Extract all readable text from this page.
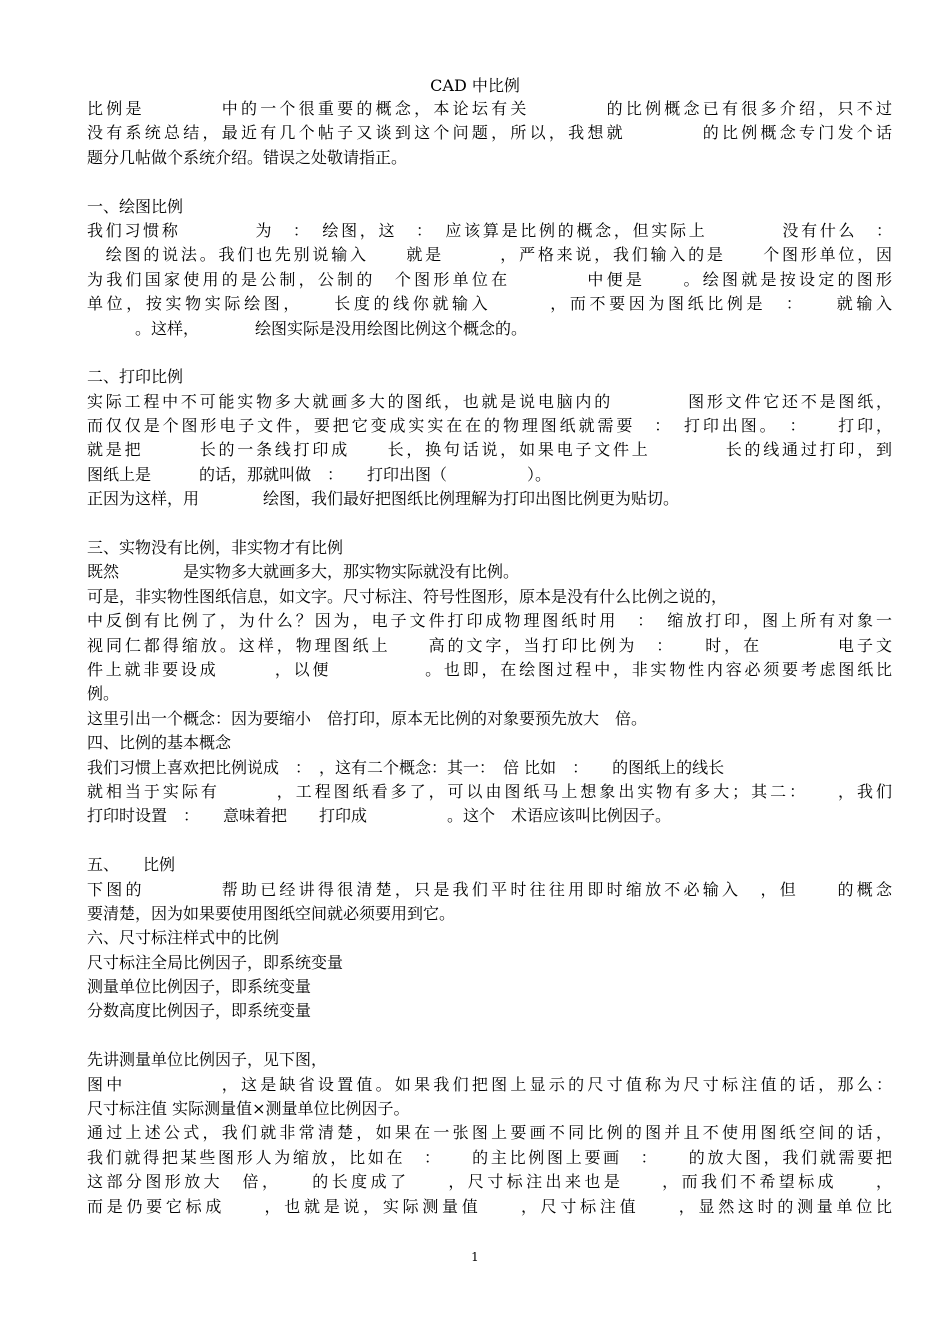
CAD 中比例
比例是　　　　中的一个很重要的概念，本论坛有关　　　　的比例概念已有很多介绍，只不过
没有系统总结，最近有几个帖子又谈到这个问题，所以，我想就　　　　的比例概念专门发个话
题分几帖做个系统介绍。错误之处敬请指正。
一、绘图比例
我们习惯称　　　　为　：　绘图，这　：　应该算是比例的概念，但实际上　　　　没有什么　：
　绘图的说法。我们也先别说输入　　就是　　　，严格来说，我们输入的是　　个图形单位，因
为我们国家使用的是公制，公制的　个图形单位在　　　　中便是　　。绘图就是按设定的图形
单位，按实物实际绘图，　　长度的线你就输入　　　，而不要因为图纸比例是　：　　就输入
　　　。这样，　　　　绘图实际是没用绘图比例这个概念的。
二、打印比例
实际工程中不可能实物多大就画多大的图纸，也就是说电脑内的　　　　图形文件它还不是图纸，
而仅仅是个图形电子文件，要把它变成实实在在的物理图纸就需要　：　打印出图。　：　　打印，
就是把　　　长的一条线打印成　　长，换句话说，如果电子文件上　　　　长的线通过打印，到
图纸上是　　　的话，那就叫做　：　　打印出图（　　　　　）。
正因为这样，用　　　　绘图，我们最好把图纸比例理解为打印出图比例更为贴切。
三、实物没有比例，非实物才有比例
既然　　　　是实物多大就画多大，那实物实际就没有比例。
可是，非实物性图纸信息，如文字。尺寸标注、符号性图形，原本是没有什么比例之说的，
中反倒有比例了，为什么？因为，电子文件打印成物理图纸时用　：　缩放打印，图上所有对象一
视同仁都得缩放。这样，物理图纸上　　高的文字，当打印比例为　：　　时，在　　　　电子文
件上就非要设成　　　，以便　　　　　。也即，在绘图过程中，非实物性内容必须要考虑图纸比
例。
这里引出一个概念：因为要缩小　倍打印，原本无比例的对象要预先放大　倍。
四、比例的基本概念
我们习惯上喜欢把比例说成　：　，这有二个概念：其一：　倍 比如　：　　的图纸上的线长
就相当于实际有　　　，工程图纸看多了，可以由图纸马上想象出实物有多大；其二：　　，我们
打印时设置　：　　意味着把　　打印成　　　　　。这个　术语应该叫比例因子。
五、　　比例
下图的　　　　帮助已经讲得很清楚，只是我们平时往往用即时缩放不必输入　，但　　的概念
要清楚，因为如果要使用图纸空间就必须要用到它。
六、尺寸标注样式中的比例
尺寸标注全局比例因子，即系统变量
测量单位比例因子，即系统变量
分数高度比例因子，即系统变量
先讲测量单位比例因子，见下图，
图中　　　　　，这是缺省设置值。如果我们把图上显示的尺寸值称为尺寸标注值的话，那么：
尺寸标注值 实际测量值×测量单位比例因子。
通过上述公式，我们就非常清楚，如果在一张图上要画不同比例的图并且不使用图纸空间的话，
我们就得把某些图形人为缩放，比如在　：　　的主比例图上要画　：　　的放大图，我们就需要把
这部分图形放大　倍，　　的长度成了　　，尺寸标注出来也是　　，而我们不希望标成　　，
而是仍要它标成　　，也就是说，实际测量值　　，尺寸标注值　　，显然这时的测量单位比
1
